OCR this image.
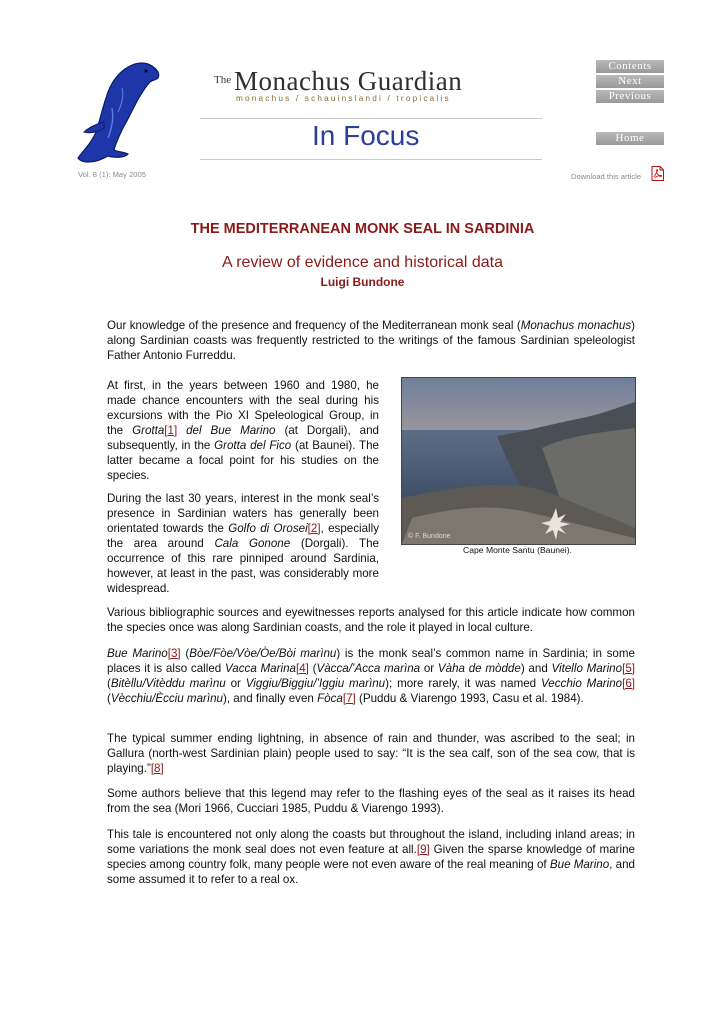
The Monachus Guardian
monachus / schauinslandi / tropicalis
In Focus
Contents
Next
Previous
Home
Vol. 8 (1): May 2005	Download this article
THE MEDITERRANEAN MONK SEAL IN SARDINIA
A review of evidence and historical data
Luigi Bundone

Our knowledge of the presence and frequency of the Mediterranean monk seal (Monachus monachus) along Sardinian coasts was frequently restricted to the writings of the famous Sardinian speleologist Father Antonio Furreddu.

At first, in the years between 1960 and 1980, he made chance encounters with the seal during his excursions with the Pio XI Speleological Group, in the Grotta[1] del Bue Marino (at Dorgali), and subsequently, in the Grotta del Fico (at Baunei). The latter became a focal point for his studies on the species.

During the last 30 years, interest in the monk seal’s presence in Sardinian waters has generally been orientated towards the Golfo di Orosei[2], especially the area around Cala Gonone (Dorgali). The occurrence of this rare pinniped around Sardinia, however, at least in the past, was considerably more widespread.

© F. Bundone
Cape Monte Santu (Baunei).

Various bibliographic sources and eyewitnesses reports analysed for this article indicate how common the species once was along Sardinian coasts, and the role it played in local culture.

Bue Marino[3] (Bòe/Fòe/Vòe/Òe/Bòi marìnu) is the monk seal’s common name in Sardinia; in some places it is also called Vacca Marina[4] (Vàcca/’Acca marìna or Vàha de mòdde) and Vitello Marino[5] (Bitèllu/Vitèddu marìnu or Viggiu/Biggiu/’Iggiu marìnu); more rarely, it was named Vecchio Marino[6] (Vècchiu/Ècciu marìnu), and finally even Fòca[7] (Puddu & Viarengo 1993, Casu et al. 1984).

The typical summer ending lightning, in absence of rain and thunder, was ascribed to the seal; in Gallura (north-west Sardinian plain) people used to say: “It is the sea calf, son of the sea cow, that is playing.”[8]

Some authors believe that this legend may refer to the flashing eyes of the seal as it raises its head from the sea (Mori 1966, Cucciari 1985, Puddu & Viarengo 1993).

This tale is encountered not only along the coasts but throughout the island, including inland areas; in some variations the monk seal does not even feature at all.[9] Given the sparse knowledge of marine species among country folk, many people were not even aware of the real meaning of Bue Marino, and some assumed it to refer to a real ox.
